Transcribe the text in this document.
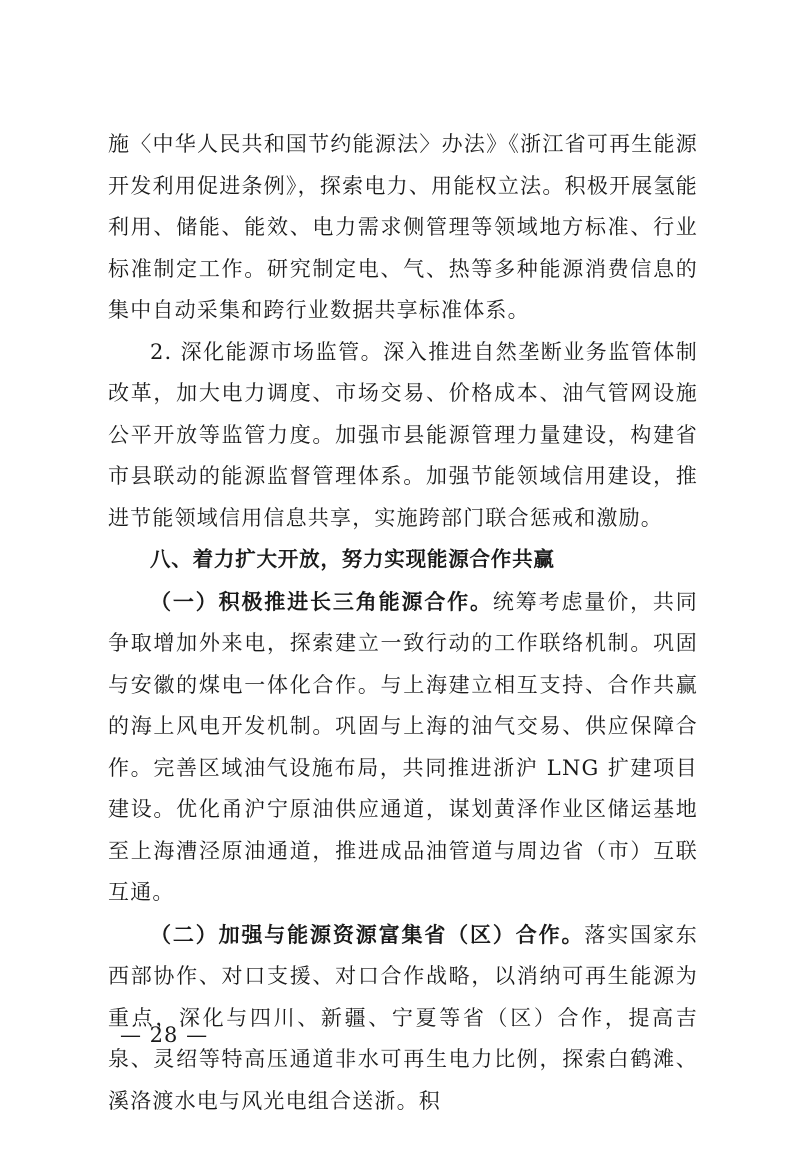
施〈中华人民共和国节约能源法〉办法》《浙江省可再生能源开发利用促进条例》，探索电力、用能权立法。积极开展氢能利用、储能、能效、电力需求侧管理等领域地方标准、行业标准制定工作。研究制定电、气、热等多种能源消费信息的集中自动采集和跨行业数据共享标准体系。

2. 深化能源市场监管。深入推进自然垄断业务监管体制改革，加大电力调度、市场交易、价格成本、油气管网设施公平开放等监管力度。加强市县能源管理力量建设，构建省市县联动的能源监督管理体系。加强节能领域信用建设，推进节能领域信用信息共享，实施跨部门联合惩戒和激励。

八、着力扩大开放，努力实现能源合作共赢

（一）积极推进长三角能源合作。统筹考虑量价，共同争取增加外来电，探索建立一致行动的工作联络机制。巩固与安徽的煤电一体化合作。与上海建立相互支持、合作共赢的海上风电开发机制。巩固与上海的油气交易、供应保障合作。完善区域油气设施布局，共同推进浙沪 LNG 扩建项目建设。优化甬沪宁原油供应通道，谋划黄泽作业区储运基地至上海漕泾原油通道，推进成品油管道与周边省（市）互联互通。

（二）加强与能源资源富集省（区）合作。落实国家东西部协作、对口支援、对口合作战略，以消纳可再生能源为重点，深化与四川、新疆、宁夏等省（区）合作，提高吉泉、灵绍等特高压通道非水可再生电力比例，探索白鹤滩、溪洛渡水电与风光电组合送浙。积

— 28 —
